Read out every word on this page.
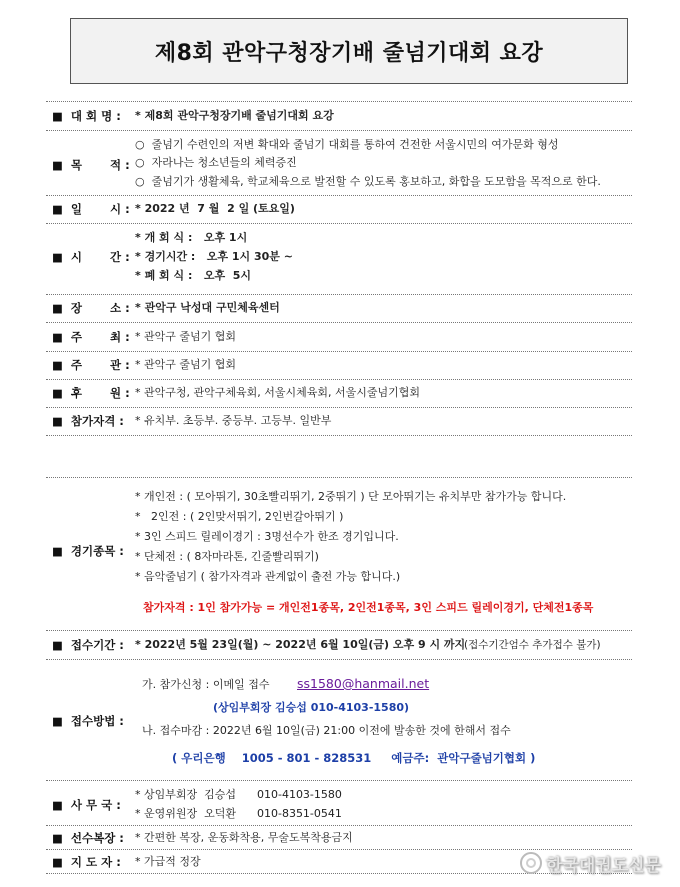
제8회 관악구청장기배 줄넘기대회 요강
■  대 회 명 : * 제8회 관악구청장기배 줄넘기대회 요강
■  목       적 :
○  줄넘기 수련인의 저변 확대와 줄넘기 대회를 통하여 건전한 서울시민의 여가문화 형성
○  자라나는 청소년들의 체력증진
○  줄넘기가 생활체육, 학교체육으로 발전할 수 있도록 홍보하고, 화합을 도모함을 목적으로 한다.
■  일       시 : * 2022 년  7 월  2 일 (토요일)
■  시       간 :
* 개 회 식 :   오후 1시
* 경기시간 :   오후 1시 30분 ~
* 폐 회 식 :   오후  5시
■  장       소 : * 관악구 낙성대 구민체육센터
■  주       최 : * 관악구 줄넘기 협회
■  주       관 : * 관악구 줄넘기 협회
■  후       원 : * 관악구청, 관악구체육회, 서울시체육회, 서울시줄넘기협회
■  참가자격 : * 유치부. 초등부. 중등부. 고등부. 일반부
■  경기종목 :
* 개인전 : ( 모아뛰기, 30초빨리뛰기, 2중뛰기 ) 단 모아뛰기는 유치부만 참가가능 합니다.
*   2인전 : ( 2인맞서뛰기, 2인번갈아뛰기 )
* 3인 스피드 릴레이경기 : 3명선수가 한조 경기입니다.
* 단체전 : ( 8자마라톤, 긴줄빨리뛰기)
* 음악줄넘기 ( 참가자격과 관계없이 출전 가능 합니다.)
참가자격 : 1인 참가가능 = 개인전1종목, 2인전1종목, 3인 스피드 릴레이경기, 단체전1종목
■  접수기간 : * 2022년 5월 23일(월) ~ 2022년 6월 10일(금) 오후 9 시 까지
(접수기간엄수 추가접수 불가)
■  접수방법 :
가. 참가신청 : 이메일 접수 ss1580@hanmail.net
(상임부회장 김승섭 010-4103-1580)
나. 접수마감 : 2022년 6월 10일(금) 21:00 이전에 발송한 것에 한해서 접수
( 우리은행    1005 - 801 - 828531     예금주:  관악구줄넘기협회 )
■  사 무 국 :
* 상임부회장  김승섭      010-4103-1580
* 운영위원장  오덕환      010-8351-0541
■  선수복장 : * 간편한 복장, 운동화착용, 무술도복착용금지
■  지 도 자 : * 가급적 정장	한국대권도신문
